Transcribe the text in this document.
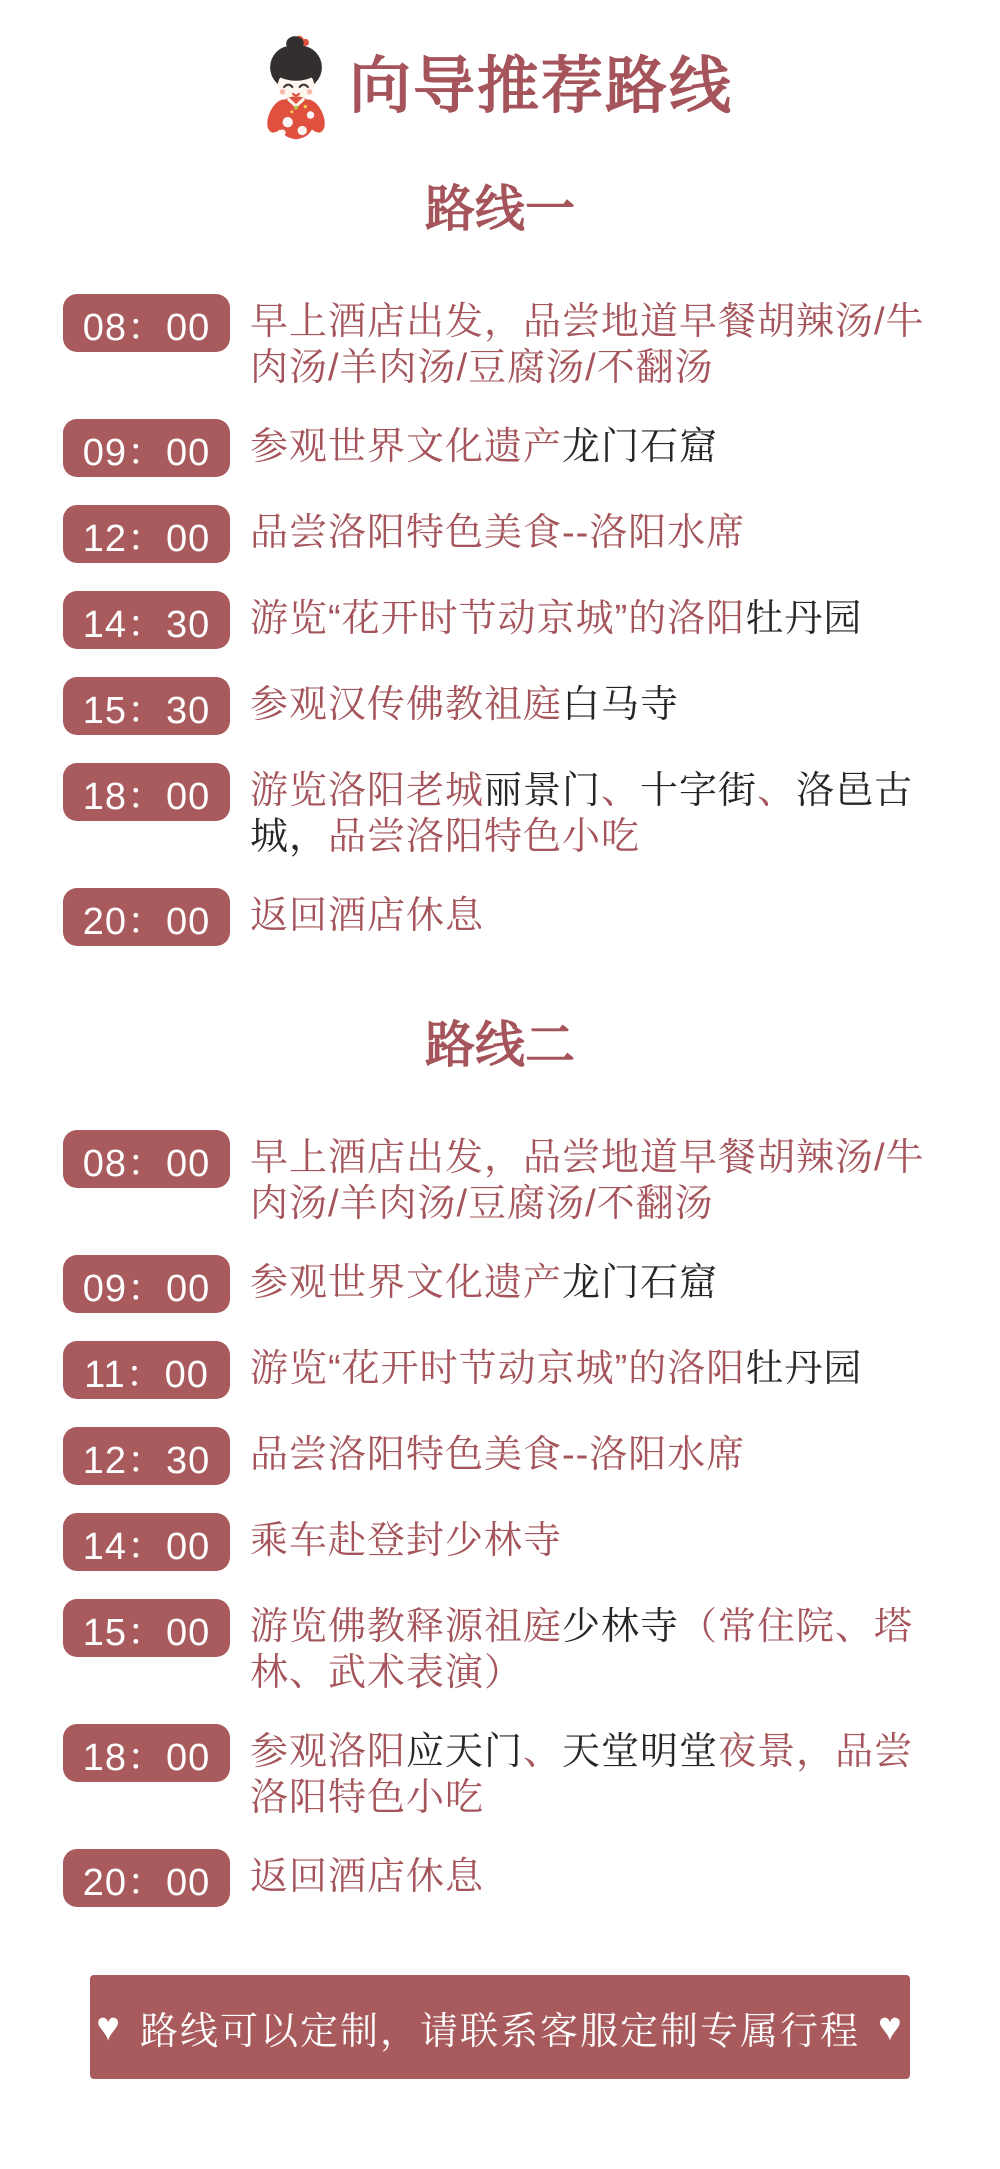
向导推荐路线
路线一
08：00	早上酒店出发，品尝地道早餐胡辣汤/牛肉汤/羊肉汤/豆腐汤/不翻汤

09：00	参观世界文化遗产龙门石窟

12：00	品尝洛阳特色美食--洛阳水席

14：30	游览“花开时节动京城”的洛阳牡丹园

15：30	参观汉传佛教祖庭白马寺

18：00	游览洛阳老城丽景门、十字街、洛邑古城，品尝洛阳特色小吃

20：00	返回酒店休息

路线二
08：00	早上酒店出发，品尝地道早餐胡辣汤/牛肉汤/羊肉汤/豆腐汤/不翻汤

09：00	参观世界文化遗产龙门石窟

11：00	游览“花开时节动京城”的洛阳牡丹园

12：30	品尝洛阳特色美食--洛阳水席

14：00	乘车赴登封少林寺

15：00	游览佛教释源祖庭少林寺（常住院、塔林、武术表演）

18：00	参观洛阳应天门、天堂明堂夜景，品尝洛阳特色小吃

20：00	返回酒店休息

♥ 路线可以定制，请联系客服定制专属行程 ♥
